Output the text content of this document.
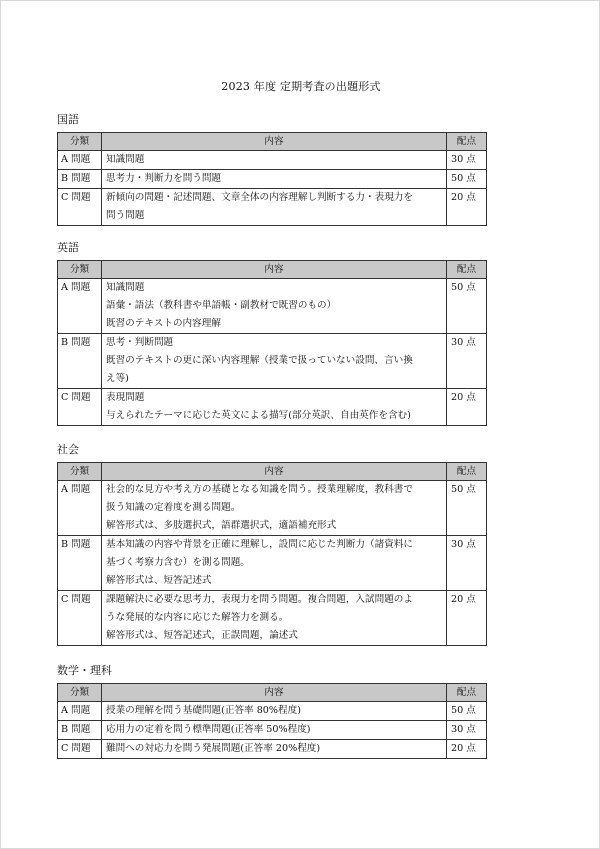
2023 年度 定期考査の出題形式
国語
分類	内容	配点
A 問題	知識問題	30 点
B 問題	思考力・判断力を問う問題	50 点
C 問題	新傾向の問題・記述問題、文章全体の内容理解し判断する力・表現力を
問う問題	20 点
英語
分類	内容	配点
A 問題	知識問題
語彙・語法（教科書や単語帳・副教材で既習のもの）
既習のテキストの内容理解	50 点
B 問題	思考・判断問題
既習のテキストの更に深い内容理解（授業で扱っていない設問、言い換
え等)	30 点
C 問題	表現問題
与えられたテーマに応じた英文による描写(部分英訳、自由英作を含む)	20 点
社会
分類	内容	配点
A 問題	社会的な見方や考え方の基礎となる知識を問う。授業理解度，教科書で
扱う知識の定着度を測る問題。
解答形式は、多肢選択式，語群選択式，適語補充形式	50 点
B 問題	基本知識の内容や背景を正確に理解し，設問に応じた判断力（諸資料に
基づく考察力含む）を測る問題。
解答形式は、短答記述式	30 点
C 問題	課題解決に必要な思考力，表現力を問う問題。複合問題，入試問題のよ
うな発展的な内容に応じた解答力を測る。
解答形式は、短答記述式，正誤問題，論述式	20 点
数学・理科
分類	内容	配点
A 問題	授業の理解を問う基礎問題(正答率 80%程度)	50 点
B 問題	応用力の定着を問う標準問題(正答率 50%程度)	30 点
C 問題	難問への対応力を問う発展問題(正答率 20%程度)	20 点
